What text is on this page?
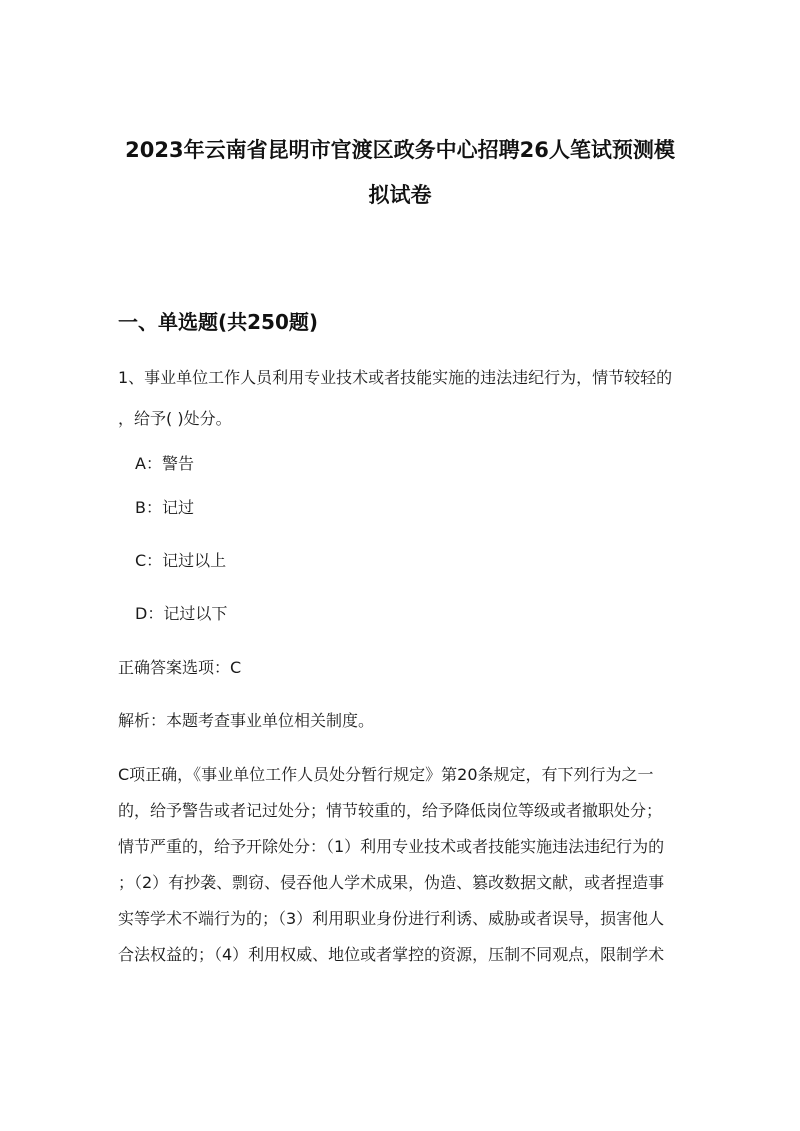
2023年云南省昆明市官渡区政务中心招聘26人笔试预测模
拟试卷
一、单选题(共250题)
1、事业单位工作人员利用专业技术或者技能实施的违法违纪行为，情节较轻的
，给予( )处分。
A：警告
B：记过
C：记过以上
D：记过以下
正确答案选项：C
解析：本题考查事业单位相关制度。
C项正确，《事业单位工作人员处分暂行规定》第20条规定，有下列行为之一
的，给予警告或者记过处分；情节较重的，给予降低岗位等级或者撤职处分；
情节严重的，给予开除处分：（1）利用专业技术或者技能实施违法违纪行为的
；（2）有抄袭、剽窃、侵吞他人学术成果，伪造、篡改数据文献，或者捏造事
实等学术不端行为的；（3）利用职业身份进行利诱、威胁或者误导，损害他人
合法权益的；（4）利用权威、地位或者掌控的资源，压制不同观点，限制学术
